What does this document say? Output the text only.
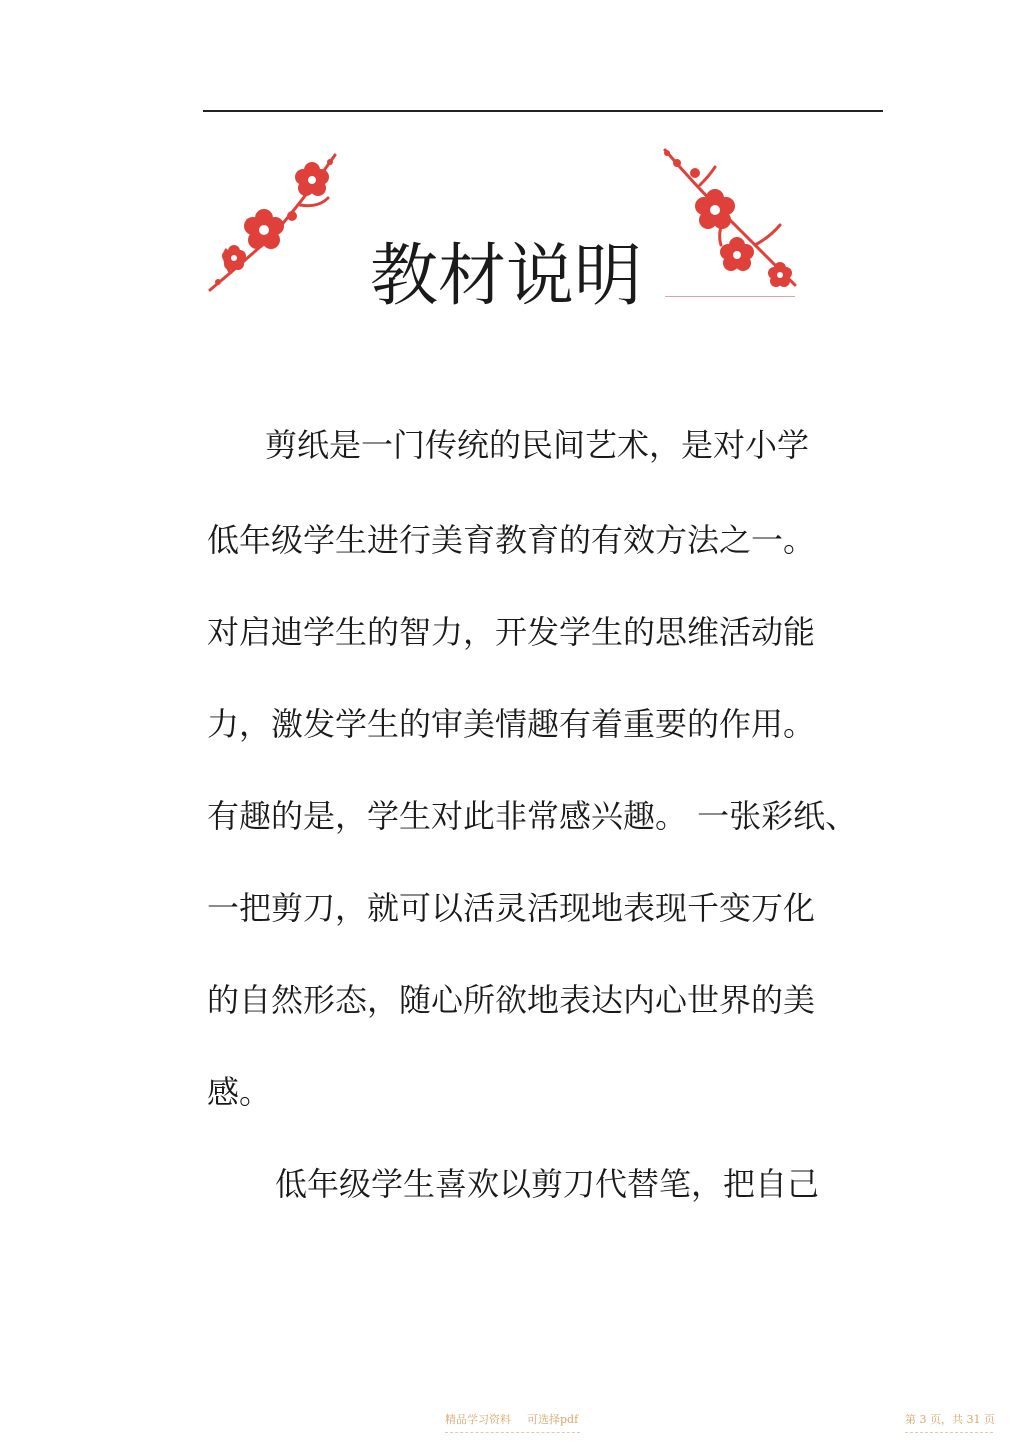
教材说明

剪纸是一门传统的民间艺术，是对小学

低年级学生进行美育教育的有效方法之一。

对启迪学生的智力，开发学生的思维活动能

力，激发学生的审美情趣有着重要的作用。

有趣的是，学生对此非常感兴趣。 一张彩纸、

一把剪刀，就可以活灵活现地表现千变万化

的自然形态，随心所欲地表达内心世界的美

感。

低年级学生喜欢以剪刀代替笔，把自己

精品学习资料 可选择pdf	第 3 页，共 31 页
